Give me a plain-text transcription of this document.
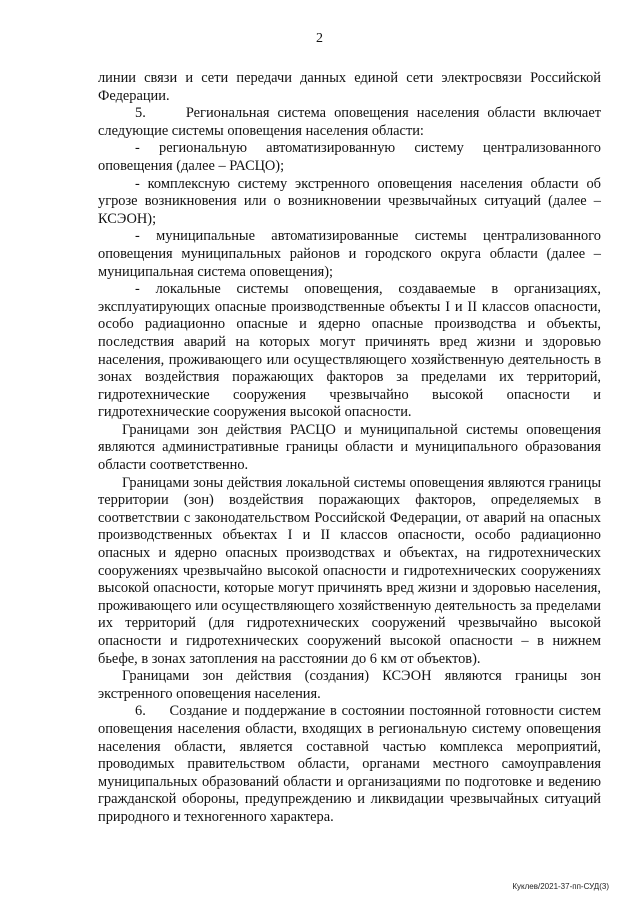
2

линии связи и сети передачи данных единой сети электросвязи Российской Федерации.

5.     Региональная система оповещения населения области включает следующие системы оповещения населения области:

- региональную автоматизированную систему централизованного оповещения (далее – РАСЦО);

- комплексную систему экстренного оповещения населения области об угрозе возникновения или о возникновении чрезвычайных ситуаций (далее – КСЭОН);

- муниципальные автоматизированные системы централизованного оповещения муниципальных районов и городского округа области (далее – муниципальная система оповещения);

- локальные системы оповещения, создаваемые в организациях, эксплуатирующих опасные производственные объекты I и II классов опасности, особо радиационно опасные и ядерно опасные производства и объекты, последствия аварий на которых могут причинять вред жизни и здоровью населения, проживающего или осуществляющего хозяйственную деятельность в зонах воздействия поражающих факторов за пределами их территорий, гидротехнические сооружения чрезвычайно высокой опасности и гидротехнические сооружения высокой опасности.

Границами зон действия РАСЦО и муниципальной системы оповещения являются административные границы области и муниципального образования области соответственно.

Границами зоны действия локальной системы оповещения являются границы территории (зон) воздействия поражающих факторов, определяемых в соответствии с законодательством Российской Федерации, от аварий на опасных производственных объектах I и II классов опасности, особо радиационно опасных и ядерно опасных производствах и объектах, на гидротехнических сооружениях чрезвычайно высокой опасности и гидротехнических сооружениях высокой опасности, которые могут причинять вред жизни и здоровью населения, проживающего или осуществляющего хозяйственную деятельность за пределами их территорий (для гидротехнических сооружений чрезвычайно высокой опасности и гидротехнических сооружений высокой опасности – в нижнем бьефе, в зонах затопления на расстоянии до 6 км от объектов).

Границами зон действия (создания) КСЭОН являются границы зон экстренного оповещения населения.

6.     Создание и поддержание в состоянии постоянной готовности систем оповещения населения области, входящих в региональную систему оповещения населения области, является составной частью комплекса мероприятий, проводимых правительством области, органами местного самоуправления муниципальных образований области и организациями по подготовке и ведению гражданской обороны, предупреждению и ликвидации чрезвычайных ситуаций природного и техногенного характера.

Куклев/2021-37-пп-СУД(3)
